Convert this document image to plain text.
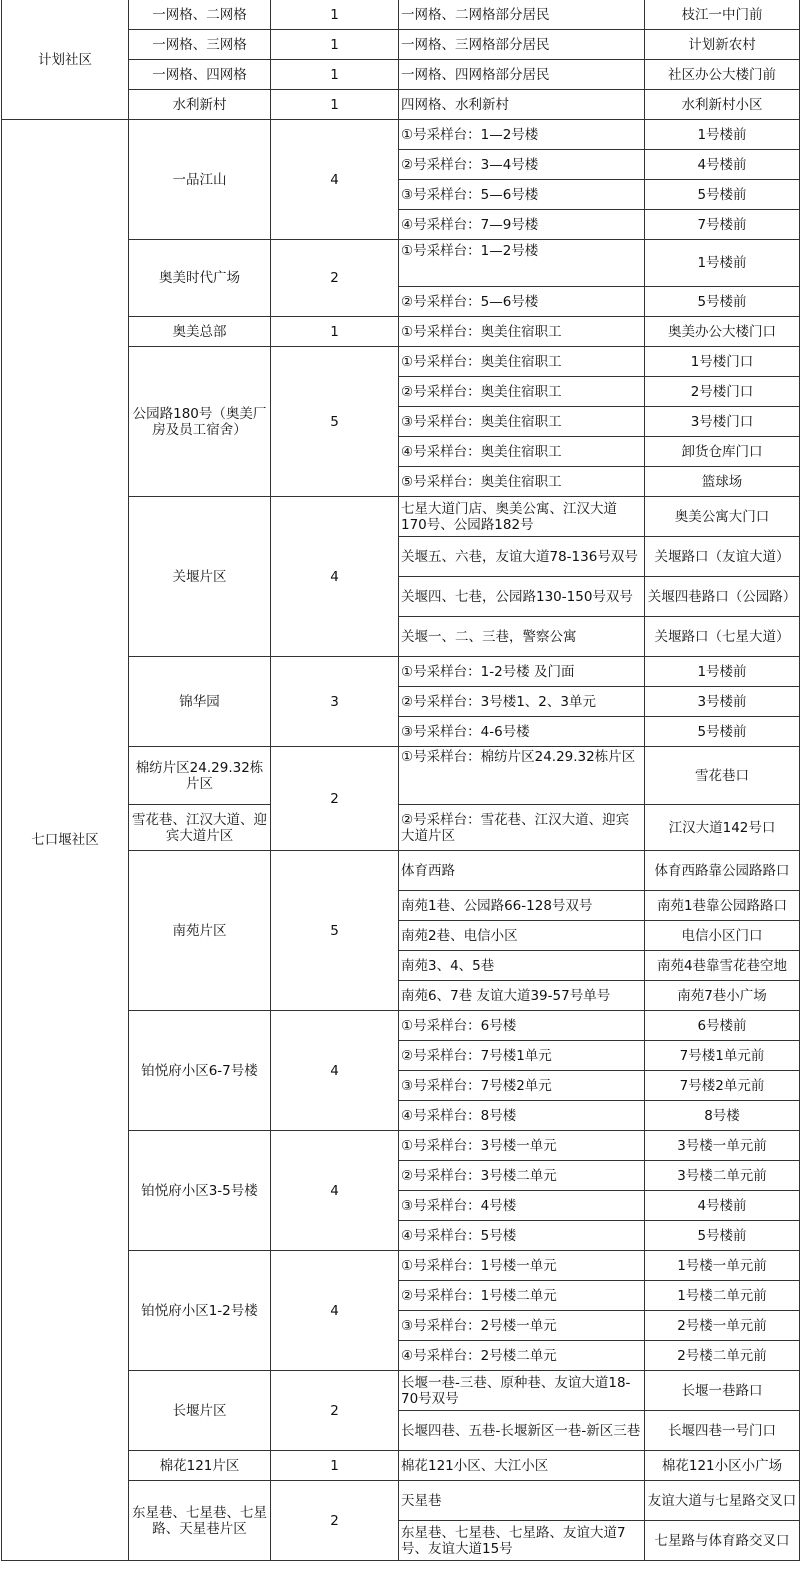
计划社区	一网格、二网格	1	一网格、二网格部分居民	枝江一中门前
	一网格、三网格	1	一网格、三网格部分居民	计划新农村
	一网格、四网格	1	一网格、四网格部分居民	社区办公大楼门前
	水利新村	1	四网格、水利新村	水利新村小区
七口堰社区	一品江山	4	①号采样台：1—2号楼	1号楼前
			②号采样台：3—4号楼	4号楼前
			③号采样台：5—6号楼	5号楼前
			④号采样台：7—9号楼	7号楼前
	奥美时代广场	2	①号采样台：1—2号楼	1号楼前
			②号采样台：5—6号楼	5号楼前
	奥美总部	1	①号采样台：奥美住宿职工	奥美办公大楼门口
	公园路180号（奥美厂房及员工宿舍）	5	①号采样台：奥美住宿职工	1号楼门口
			②号采样台：奥美住宿职工	2号楼门口
			③号采样台：奥美住宿职工	3号楼门口
			④号采样台：奥美住宿职工	卸货仓库门口
			⑤号采样台：奥美住宿职工	篮球场
	关堰片区	4	七星大道门店、奥美公寓、江汉大道170号、公园路182号	奥美公寓大门口
			关堰五、六巷，友谊大道78-136号双号	关堰路口（友谊大道）
			关堰四、七巷，公园路130-150号双号	关堰四巷路口（公园路）
			关堰一、二、三巷，警察公寓	关堰路口（七星大道）
	锦华园	3	①号采样台：1-2号楼 及门面	1号楼前
			②号采样台：3号楼1、2、3单元	3号楼前
			③号采样台：4-6号楼	5号楼前
	棉纺片区24.29.32栋片区	2	①号采样台：棉纺片区24.29.32栋片区	雪花巷口
	雪花巷、江汉大道、迎宾大道片区		②号采样台：雪花巷、江汉大道、迎宾大道片区	江汉大道142号口
	南苑片区	5	体育西路	体育西路靠公园路路口
			南苑1巷、公园路66-128号双号	南苑1巷靠公园路路口
			南苑2巷、电信小区	电信小区门口
			南苑3、4、5巷	南苑4巷靠雪花巷空地
			南苑6、7巷 友谊大道39-57号单号	南苑7巷小广场
	铂悦府小区6-7号楼	4	①号采样台：6号楼	6号楼前
			②号采样台：7号楼1单元	7号楼1单元前
			③号采样台：7号楼2单元	7号楼2单元前
			④号采样台：8号楼	8号楼
	铂悦府小区3-5号楼	4	①号采样台：3号楼一单元	3号楼一单元前
			②号采样台：3号楼二单元	3号楼二单元前
			③号采样台：4号楼	4号楼前
			④号采样台：5号楼	5号楼前
	铂悦府小区1-2号楼	4	①号采样台：1号楼一单元	1号楼一单元前
			②号采样台：1号楼二单元	1号楼二单元前
			③号采样台：2号楼一单元	2号楼一单元前
			④号采样台：2号楼二单元	2号楼二单元前
	长堰片区	2	长堰一巷-三巷、原种巷、友谊大道18-70号双号	长堰一巷路口
			长堰四巷、五巷-长堰新区一巷-新区三巷	长堰四巷一号门口
	棉花121片区	1	棉花121小区、大江小区	棉花121小区小广场
	东星巷、七星巷、七星路、天星巷片区	2	天星巷	友谊大道与七星路交叉口
			东星巷、七星巷、七星路、友谊大道7号、友谊大道15号	七星路与体育路交叉口
